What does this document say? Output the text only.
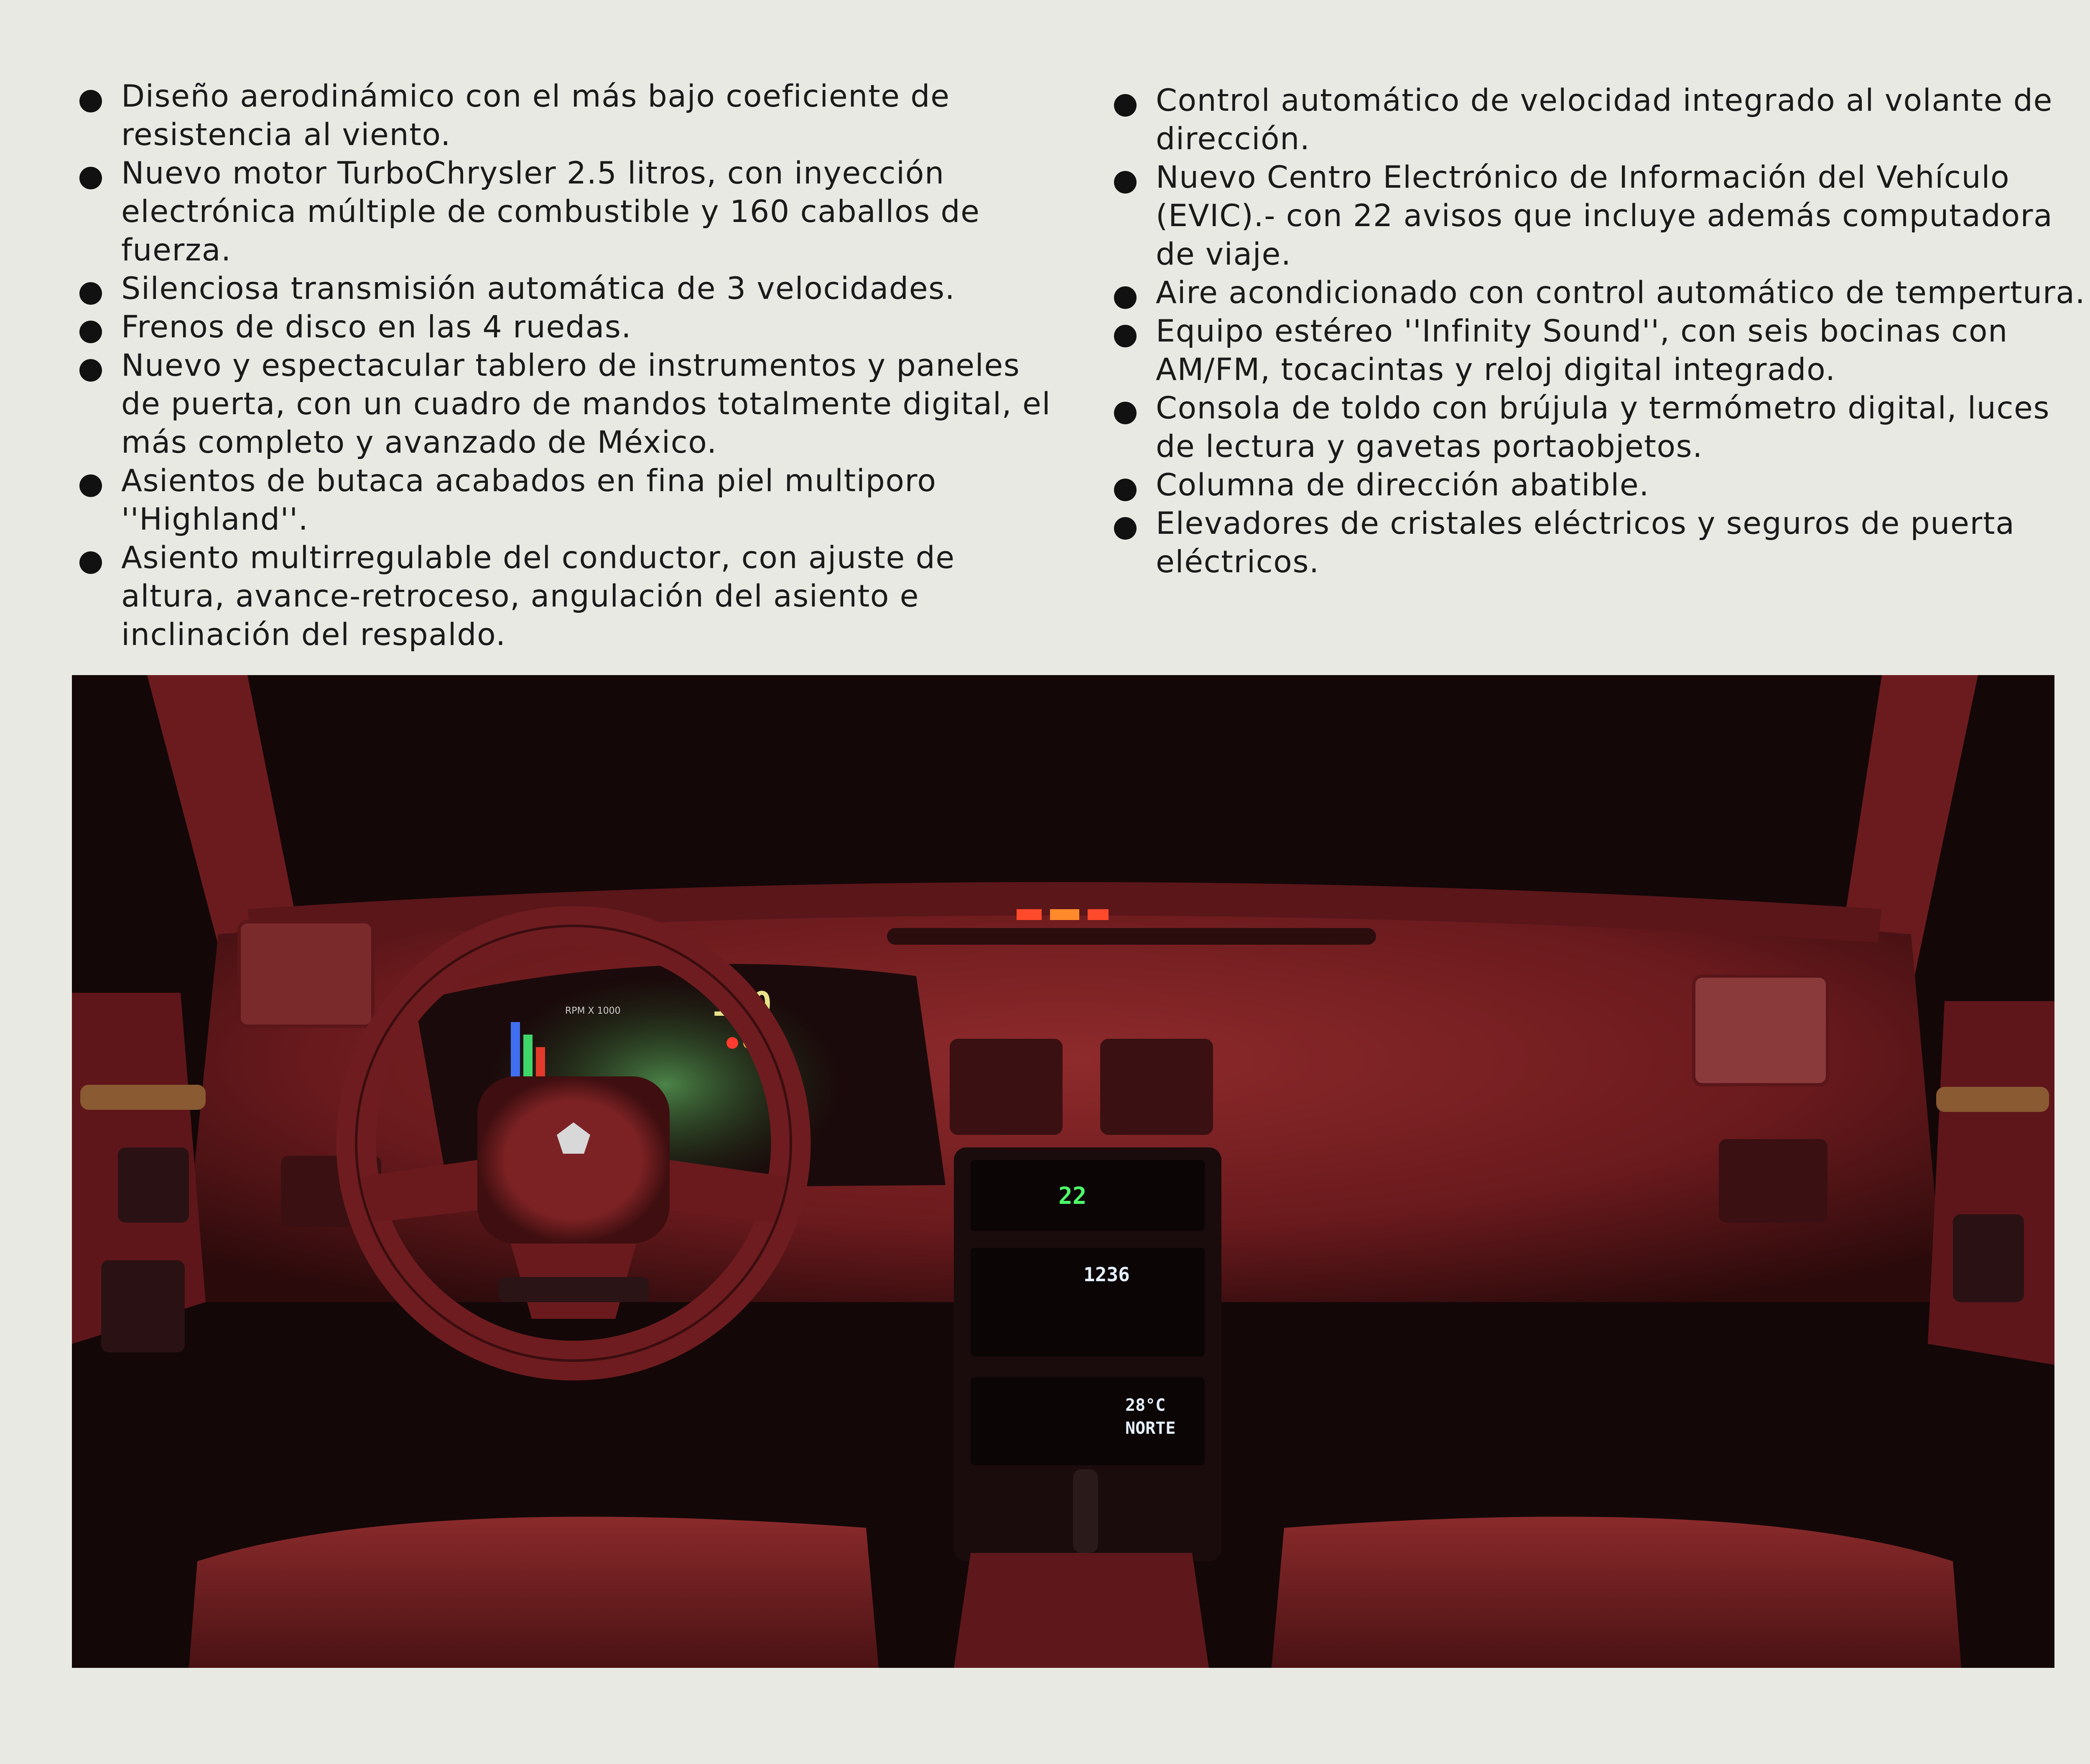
Diseño aerodinámico con el más bajo coeficiente de resistencia al viento.
Nuevo motor TurboChrysler 2.5 litros, con inyección electrónica múltiple de combustible y 160 caballos de fuerza.
Silenciosa transmisión automática de 3 velocidades.
Frenos de disco en las 4 ruedas.
Nuevo y espectacular tablero de instrumentos y paneles de puerta, con un cuadro de mandos totalmente digital, el más completo y avanzado de México.
Asientos de butaca acabados en fina piel multiporo ''Highland''.
Asiento multirregulable del conductor, con ajuste de altura, avance-retroceso, angulación del asiento e inclinación del respaldo.
Control automático de velocidad integrado al volante de dirección.
Nuevo Centro Electrónico de Información del Vehículo (EVIC).- con 22 avisos que incluye además computadora de viaje.
Aire acondicionado con control automático de tempertura.
Equipo estéreo ''Infinity Sound'', con seis bocinas con AM/FM, tocacintas y reloj digital integrado.
Consola de toldo con brújula y termómetro digital, luces de lectura y gavetas portaobjetos.
Columna de dirección abatible.
Elevadores de cristales eléctricos y seguros de puerta eléctricos.
120
RPM X 1000
22
1236
28°C
NORTE
